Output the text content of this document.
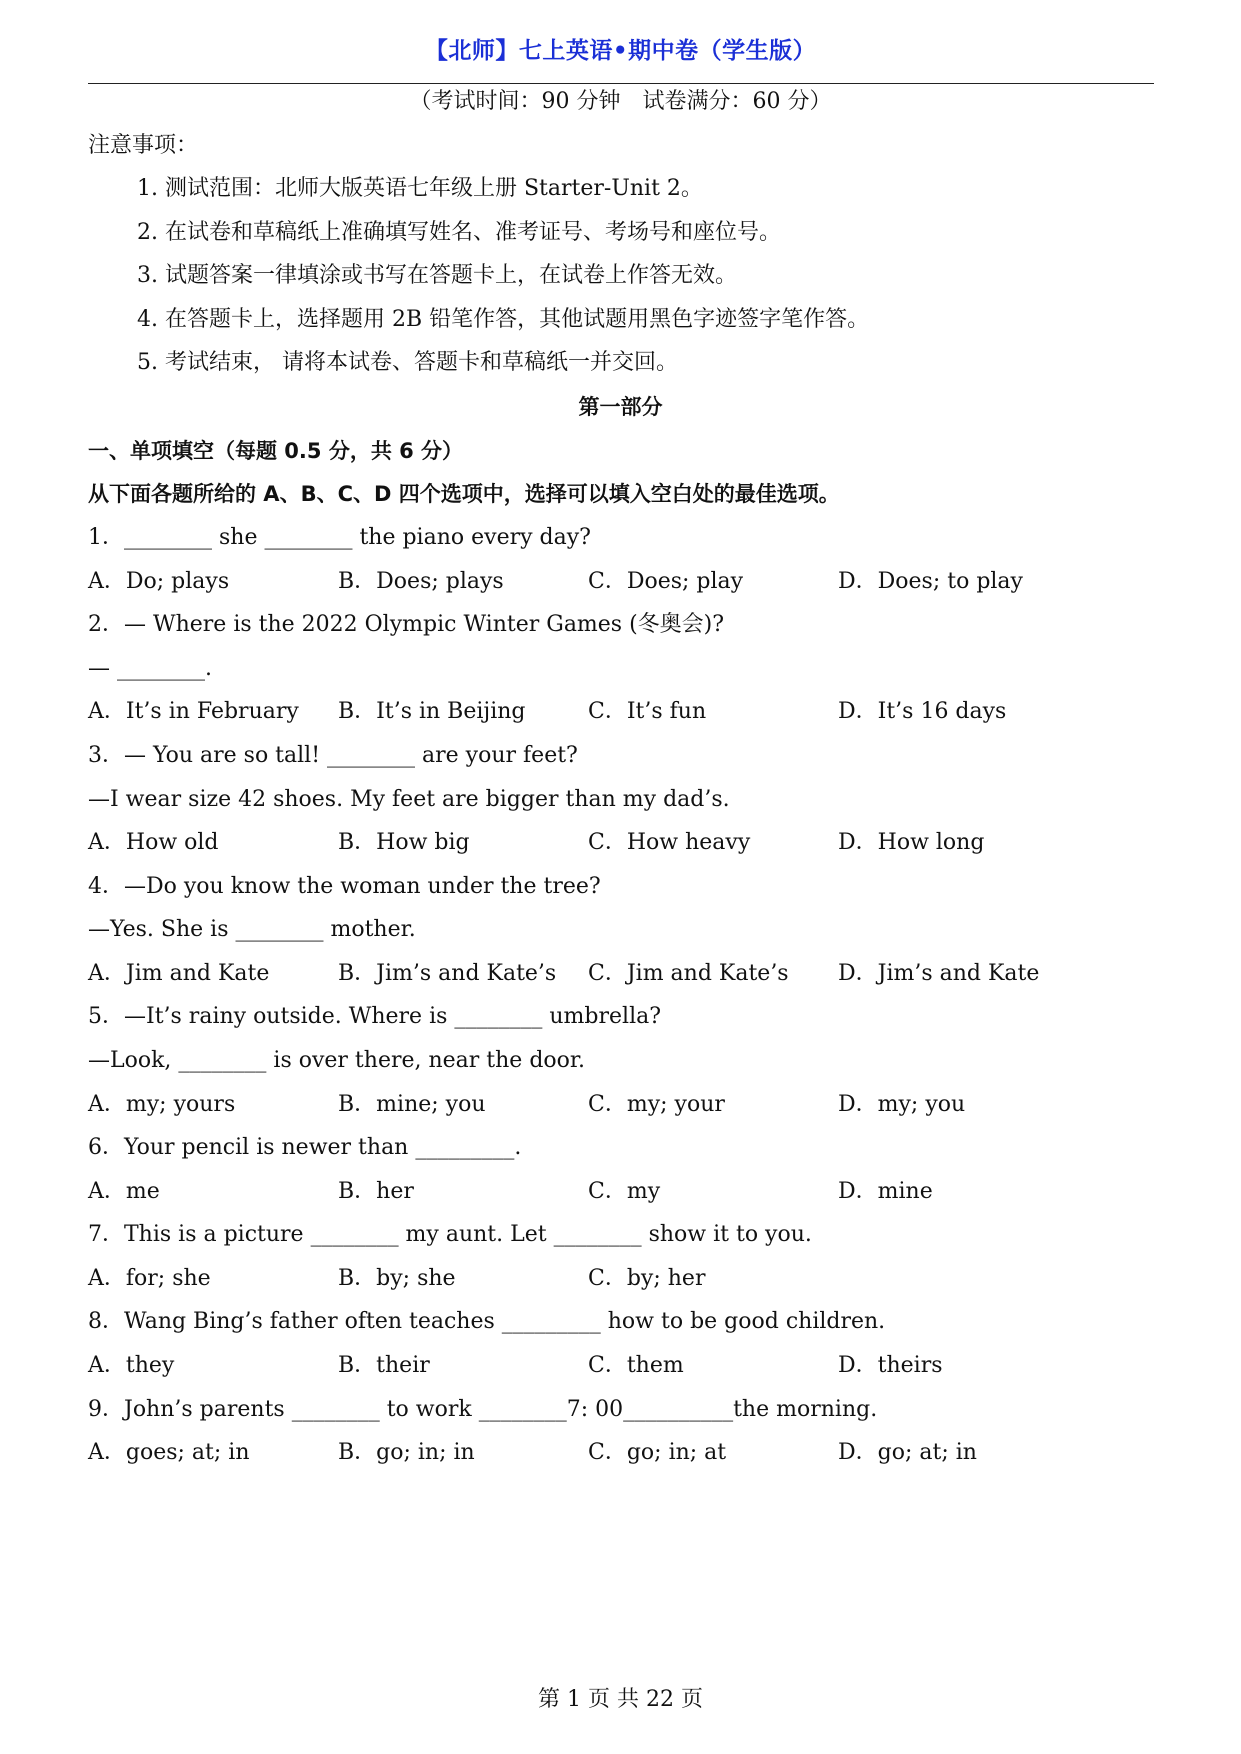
【北师】七上英语•期中卷（学生版）
（考试时间：90 分钟　试卷满分：60 分）
注意事项：
1. 测试范围：北师大版英语七年级上册 Starter-Unit 2。
2. 在试卷和草稿纸上准确填写姓名、准考证号、考场号和座位号。
3. 试题答案一律填涂或书写在答题卡上，在试卷上作答无效。
4. 在答题卡上，选择题用 2B 铅笔作答，其他试题用黑色字迹签字笔作答。
5. 考试结束， 请将本试卷、答题卡和草稿纸一并交回。
第一部分
一、单项填空（每题 0.5 分，共 6 分）
从下面各题所给的 A、B、C、D 四个选项中，选择可以填入空白处的最佳选项。
1．________ she ________ the piano every day?
A．Do; plays	B．Does; plays	C．Does; play	D．Does; to play
2．— Where is the 2022 Olympic Winter Games (冬奥会)?
— ________.
A．It’s in February B．It’s in Beijing	C．It’s fun	D．It’s 16 days
3．— You are so tall! ________ are your feet?
—I wear size 42 shoes. My feet are bigger than my dad’s.
A．How old	B．How big	C．How heavy	D．How long
4．—Do you know the woman under the tree?
—Yes. She is ________ mother.
A．Jim and Kate	B．Jim’s and Kate’s C．Jim and Kate’s D．Jim’s and Kate
5．—It’s rainy outside. Where is ________ umbrella?
—Look, ________ is over there, near the door.
A．my; yours	B．mine; you	C．my; your	D．my; you
6．Your pencil is newer than _________.
A．me	B．her	C．my	D．mine
7．This is a picture ________ my aunt. Let ________ show it to you.
A．for; she	B．by; she	C．by; her
8．Wang Bing’s father often teaches _________ how to be good children.
A．they	B．their	C．them	D．theirs
9．John’s parents ________ to work ________7: 00__________the morning.
A．goes; at; in	B．go; in; in	C．go; in; at	D．go; at; in
第 1 页 共 22 页
